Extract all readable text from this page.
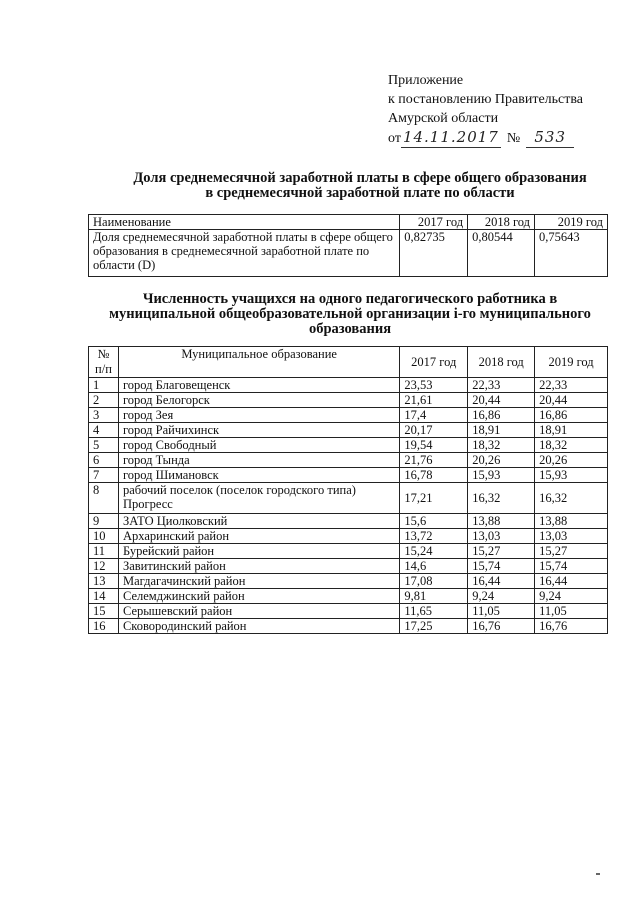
Приложение
к постановлению Правительства
Амурской области
от 14.11.2017 № 533
Доля среднемесячной заработной платы в сфере общего образования
в среднемесячной заработной плате по области
Наименование	2017 год	2018 год	2019 год
Доля среднемесячной заработной платы в сфере общего образования в среднемесячной заработной плате по области (D)	0,82735	0,80544	0,75643
Численность учащихся на одного педагогического работника в
муниципальной общеобразовательной организации i-го муниципального
образования
№ п/п	Муниципальное образование	2017 год	2018 год	2019 год
1	город Благовещенск	23,53	22,33	22,33
2	город Белогорск	21,61	20,44	20,44
3	город Зея	17,4	16,86	16,86
4	город Райчихинск	20,17	18,91	18,91
5	город Свободный	19,54	18,32	18,32
6	город Тында	21,76	20,26	20,26
7	город Шимановск	16,78	15,93	15,93
8	рабочий поселок (поселок городского типа) Прогресс	17,21	16,32	16,32
9	ЗАТО Циолковский	15,6	13,88	13,88
10	Архаринский район	13,72	13,03	13,03
11	Бурейский район	15,24	15,27	15,27
12	Завитинский район	14,6	15,74	15,74
13	Магдагачинский район	17,08	16,44	16,44
14	Селемджинский район	9,81	9,24	9,24
15	Серышевский район	11,65	11,05	11,05
16	Сковородинский район	17,25	16,76	16,76
